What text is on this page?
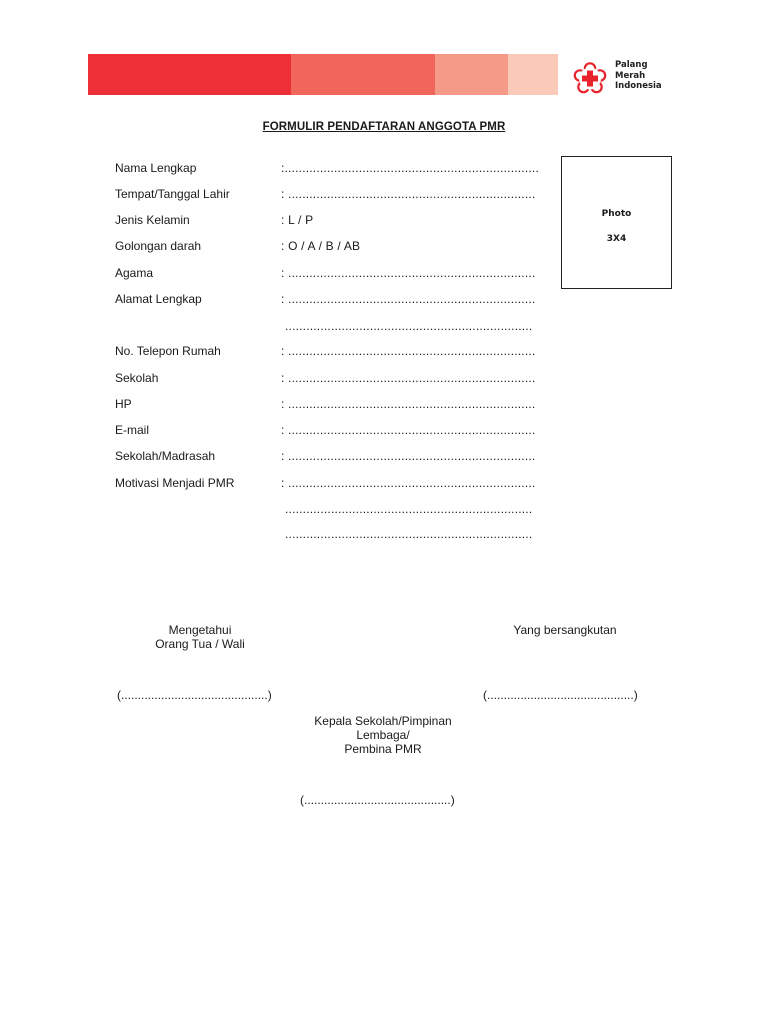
Palang
Merah
Indonesia
FORMULIR PENDAFTARAN ANGGOTA PMR
Nama Lengkap	:........................................................................
Tempat/Tanggal Lahir	: ......................................................................
Jenis Kelamin	: L / P
Golongan darah	: O / A / B / AB
Agama	: ......................................................................
Alamat Lengkap	: ......................................................................
......................................................................
No. Telepon Rumah	: ......................................................................
Sekolah	: ......................................................................
HP	: ......................................................................
E-mail	: ......................................................................
Sekolah/Madrasah	: ......................................................................
Motivasi Menjadi PMR	: ......................................................................
......................................................................
......................................................................
Photo
3X4
Mengetahui
Orang Tua / Wali
Yang bersangkutan
(............................................)	(............................................)
Kepala Sekolah/Pimpinan
Lembaga/
Pembina PMR
(............................................)
